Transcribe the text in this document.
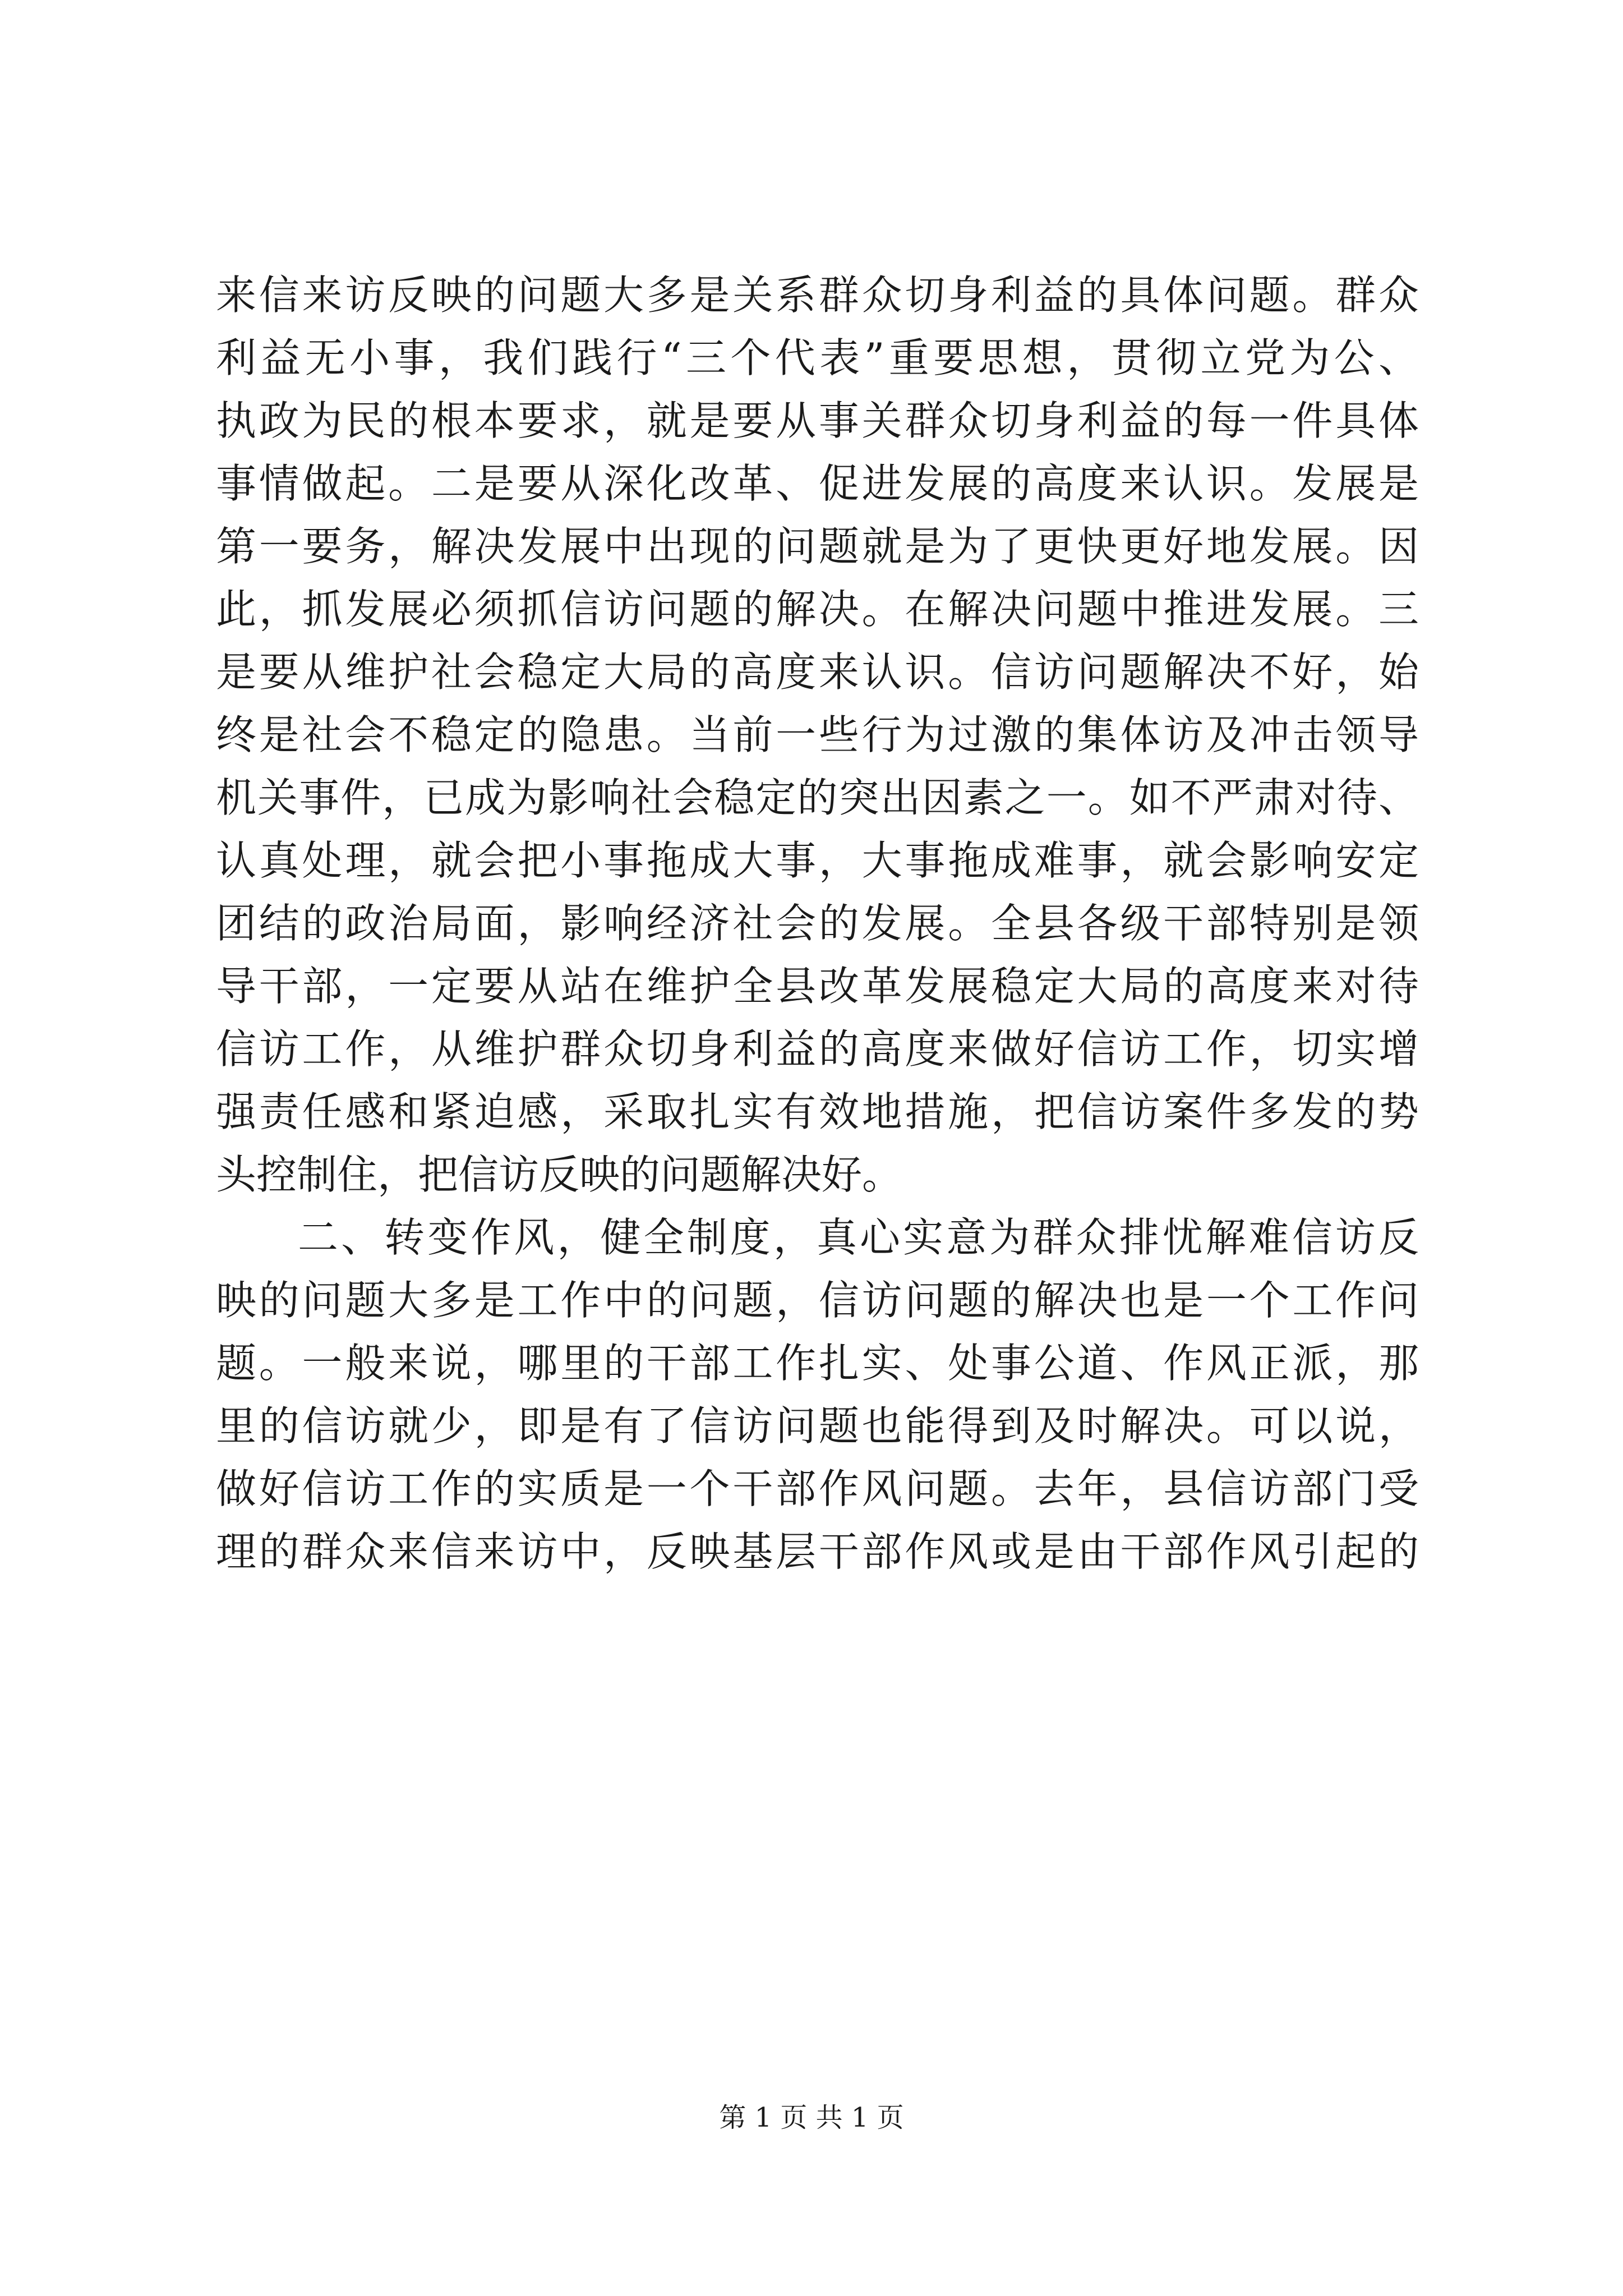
来信来访反映的问题大多是关系群众切身利益的具体问题。群众
利益无小事，我们践行“三个代表”重要思想，贯彻立党为公、
执政为民的根本要求，就是要从事关群众切身利益的每一件具体
事情做起。二是要从深化改革、促进发展的高度来认识。发展是
第一要务，解决发展中出现的问题就是为了更快更好地发展。因
此，抓发展必须抓信访问题的解决。在解决问题中推进发展。三
是要从维护社会稳定大局的高度来认识。信访问题解决不好，始
终是社会不稳定的隐患。当前一些行为过激的集体访及冲击领导
机关事件，已成为影响社会稳定的突出因素之一。如不严肃对待、
认真处理，就会把小事拖成大事，大事拖成难事，就会影响安定
团结的政治局面，影响经济社会的发展。全县各级干部特别是领
导干部，一定要从站在维护全县改革发展稳定大局的高度来对待
信访工作，从维护群众切身利益的高度来做好信访工作，切实增
强责任感和紧迫感，采取扎实有效地措施，把信访案件多发的势
头控制住，把信访反映的问题解决好。
二、转变作风，健全制度，真心实意为群众排忧解难信访反
映的问题大多是工作中的问题，信访问题的解决也是一个工作问
题。一般来说，哪里的干部工作扎实、处事公道、作风正派，那
里的信访就少，即是有了信访问题也能得到及时解决。可以说，
做好信访工作的实质是一个干部作风问题。去年，县信访部门受
理的群众来信来访中，反映基层干部作风或是由干部作风引起的
第 1 页 共 1 页
